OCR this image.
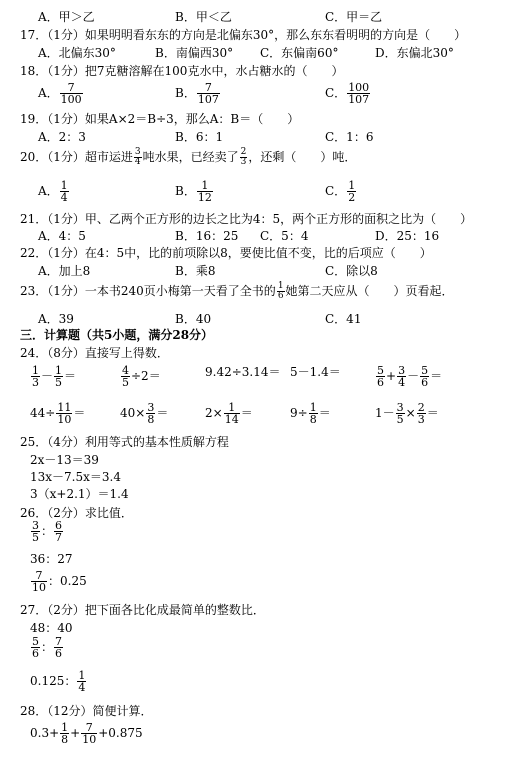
A．甲＞乙	B．甲＜乙	C．甲＝乙
17．（1分）如果明明看东东的方向是北偏东30°，那么东东看明明的方向是（　　）
A．北偏东30°	B．南偏西30° C．东偏南60°	D．东偏北30°
18．（1分）把7克糖溶解在100克水中，水占糖水的（　　）
A． $\frac{7}{100}$	B． $\frac{7}{107}$	C． $\frac{100}{107}$
19．（1分）如果A×2＝B÷3，那么A：B＝（　　）
A．2：3	B．6：1	C．1：6
20．（1分）超市运进 $\frac{3}{4}$ 吨水果，已经卖了 $\frac{2}{3}$ ，还剩（　　）吨．
A． $\frac{1}{4}$	B． $\frac{1}{12}$	C． $\frac{1}{2}$
21．（1分）甲、乙两个正方形的边长之比为4：5，两个正方形的面积之比为（　　）
A．4：5	B．16：25 C．5：4	D．25：16
22．（1分）在4：5中，比的前项除以8，要使比值不变，比的后项应（　　）
A．加上8	B．乘8	C．除以8
23．（1分）一本书240页小梅第一天看了全书的 $\frac{1}{6}$ 她第二天应从（　　）页看起．
A．39	B．40	C．41
三．计算题（共5小题，满分28分）
24．（8分）直接写上得数．
$\frac{1}{3} - \frac{1}{5}$ ＝	$\frac{4}{5} \div 2=$	9.42÷3.14＝ 5－1.4＝	$\frac{5}{6} + \frac{3}{4} - \frac{5}{6}$ ＝
$44\div \frac{11}{10}$ ＝	$40\times \frac{3}{8}$ ＝	$2\times \frac{1}{14}$ ＝	$9\div \frac{1}{8}$ ＝	$1- \frac{3}{5} \times \frac{2}{3}$ ＝
25．（4分）利用等式的基本性质解方程
2x－13＝39
13x－7.5x＝3.4
3（x+2.1）＝1.4
26．（2分）求比值．
$\frac{3}{5}$ ： $\frac{6}{7}$
36：27
$\frac{7}{10}$ ：0.25
27．（2分）把下面各比化成最简单的整数比．
48：40
$\frac{5}{6}$ ： $\frac{7}{6}$
0.125： $\frac{1}{4}$
28．（12分）简便计算．
$0.3+ \frac{1}{8} + \frac{7}{10} +0.875$
